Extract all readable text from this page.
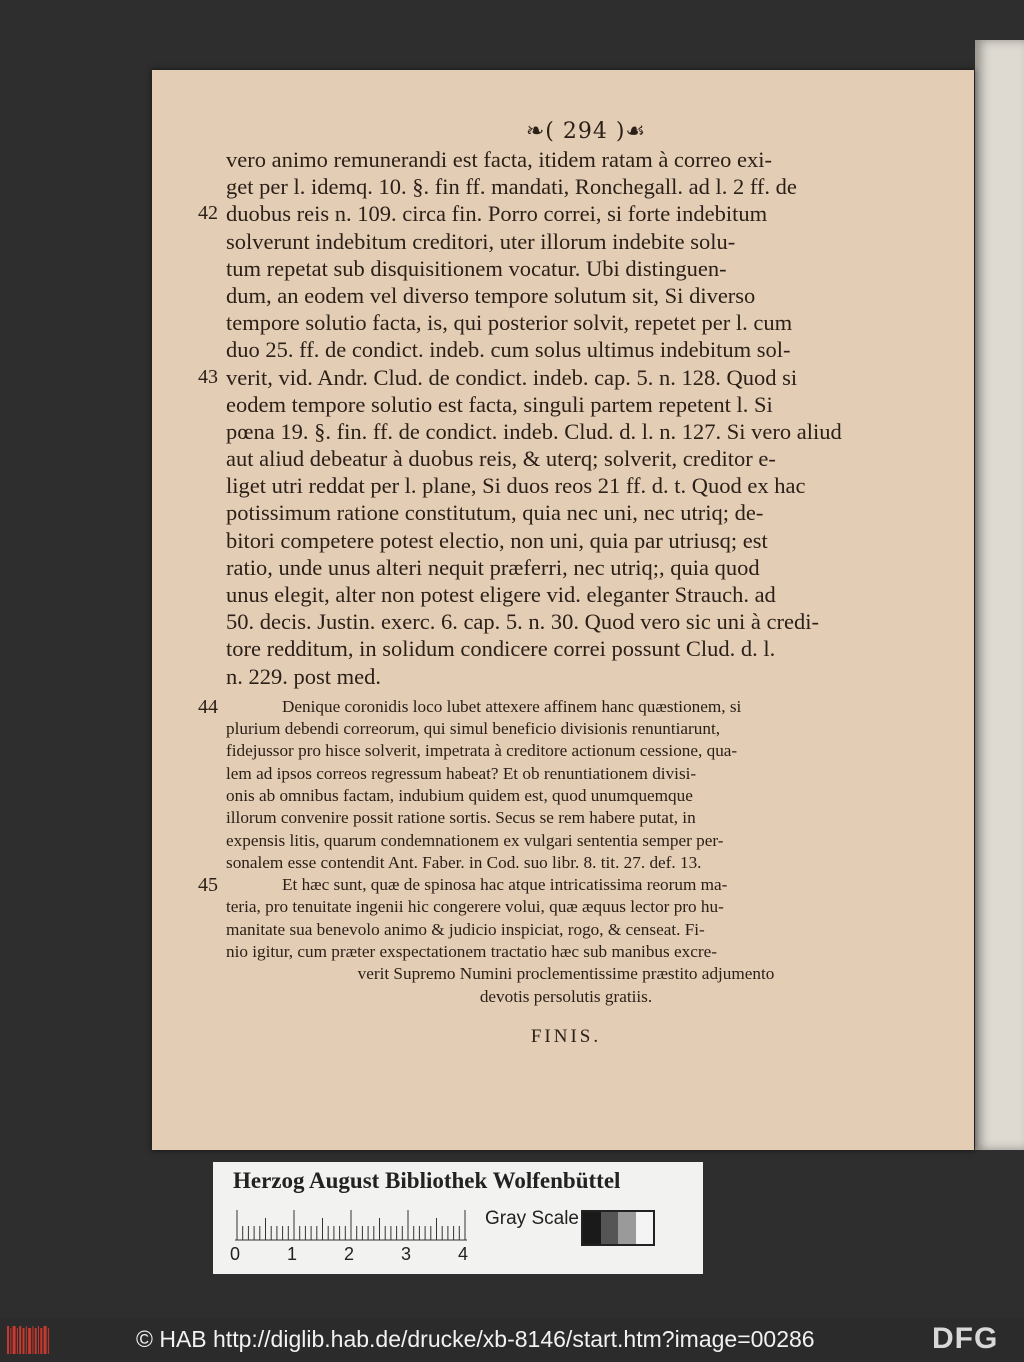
❧( 294 )☙
vero animo remunerandi est facta, itidem ratam à correo exi-
get per l. idemq. 10. §. fin ff. mandati, Ronchegall. ad l. 2 ff. de
42 duobus reis n. 109. circa fin. Porro correi, si forte indebitum
solverunt indebitum creditori, uter illorum indebite solu-
tum repetat sub disquisitionem vocatur. Ubi distinguen-
dum, an eodem vel diverso tempore solutum sit, Si diverso
tempore solutio facta, is, qui posterior solvit, repetet per l. cum
duo 25. ff. de condict. indeb. cum solus ultimus indebitum sol-
43 verit, vid. Andr. Clud. de condict. indeb. cap. 5. n. 128. Quod si
eodem tempore solutio est facta, singuli partem repetent l. Si
pœna 19. §. fin. ff. de condict. indeb. Clud. d. l. n. 127. Si vero aliud
aut aliud debeatur à duobus reis, & uterq; solverit, creditor e-
liget utri reddat per l. plane, Si duos reos 21 ff. d. t. Quod ex hac
potissimum ratione constitutum, quia nec uni, nec utriq; de-
bitori competere potest electio, non uni, quia par utriusq; est
ratio, unde unus alteri nequit præferri, nec utriq;, quia quod
unus elegit, alter non potest eligere vid. eleganter Strauch. ad
50. decis. Justin. exerc. 6. cap. 5. n. 30. Quod vero sic uni à credi-
tore redditum, in solidum condicere correi possunt Clud. d. l.
n. 229. post med.
44	Denique coronidis loco lubet attexere affinem hanc quæstionem, si
plurium debendi correorum, qui simul beneficio divisionis renuntiarunt,
fidejussor pro hisce solverit, impetrata à creditore actionum cessione, qua-
lem ad ipsos correos regressum habeat? Et ob renuntiationem divisi-
onis ab omnibus factam, indubium quidem est, quod unumquemque
illorum convenire possit ratione sortis. Secus se rem habere putat, in
expensis litis, quarum condemnationem ex vulgari sententia semper per-
sonalem esse contendit Ant. Faber. in Cod. suo libr. 8. tit. 27. def. 13.
45	Et hæc sunt, quæ de spinosa hac atque intricatissima reorum ma-
teria, pro tenuitate ingenii hic congerere volui, quæ æquus lector pro hu-
manitate sua benevolo animo & judicio inspiciat, rogo, & censeat. Fi-
nio igitur, cum præter exspectationem tractatio hæc sub manibus excre-
verit Supremo Numini proclementissime præstito adjumento
devotis persolutis gratiis.
FINIS.
Herzog August Bibliothek Wolfenbüttel
0	1	2	3	4
Gray Scale
© HAB http://diglib.hab.de/drucke/xb-8146/start.htm?image=00286	DFG
